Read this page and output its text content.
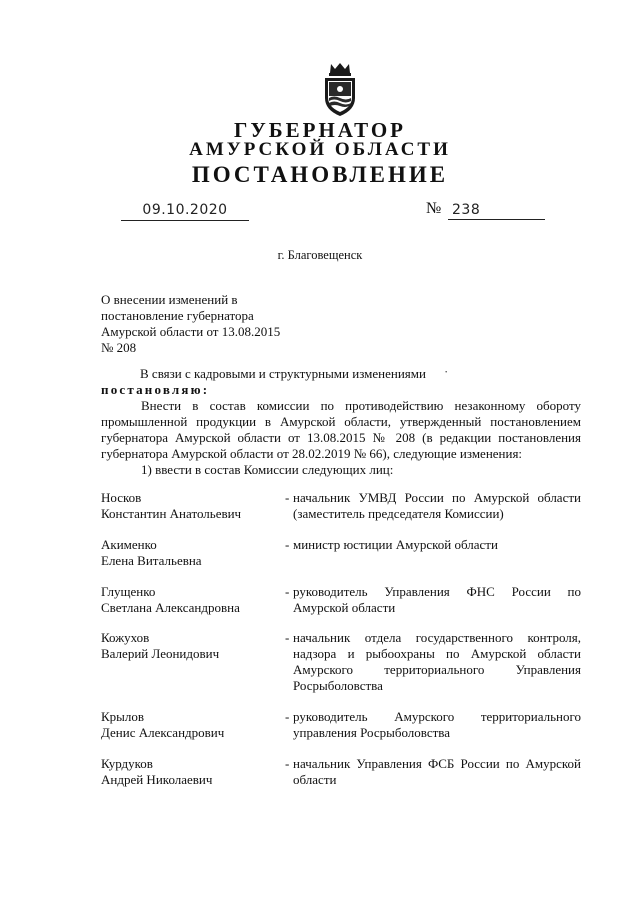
ГУБЕРНАТОР
АМУРСКОЙ ОБЛАСТИ
ПОСТАНОВЛЕНИЕ
09.10.2020	№ 238
г. Благовещенск
О внесении изменений в
постановление губернатора
Амурской области от 13.08.2015
№ 208
В связи с кадровыми и структурными изменениями ·
постановляю:
Внести в состав комиссии по противодействию незаконному обороту промышленной продукции в Амурской области, утвержденный постановлением губернатора Амурской области от 13.08.2015 № 208 (в редакции постановления губернатора Амурской области от 28.02.2019 № 66), следующие изменения:
1) ввести в состав Комиссии следующих лиц:
Носков
Константин Анатольевич
- начальник УМВД России по Амурской области (заместитель председателя Комиссии)
Акименко
Елена Витальевна
- министр юстиции Амурской области
Глущенко
Светлана Александровна
- руководитель Управления ФНС России по Амурской области
Кожухов
Валерий Леонидович
- начальник отдела государственного контроля, надзора и рыбоохраны по Амурской области Амурского территориального Управления Росрыболовства
Крылов
Денис Александрович
- руководитель Амурского территориального управления Росрыболовства
Курдуков
Андрей Николаевич
- начальник Управления ФСБ России по Амурской области
